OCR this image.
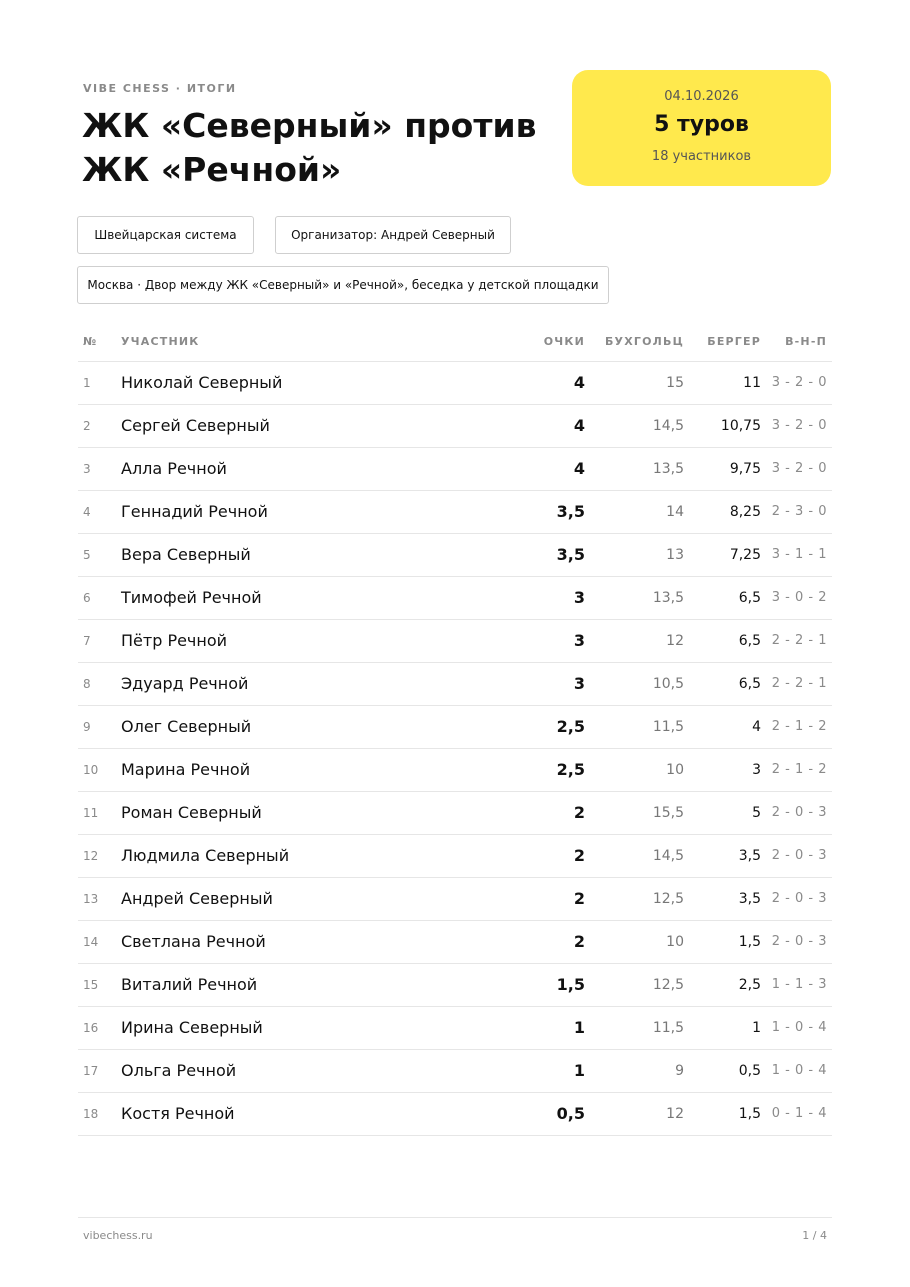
VIBE CHESS · ИТОГИ
ЖК «Северный» против ЖК «Речной»
04.10.2026
5 туров
18 участников
Швейцарская система	Организатор: Андрей Северный
Москва · Двор между ЖК «Северный» и «Речной», беседка у детской площадки
№	УЧАСТНИК	ОЧКИ	БУХГОЛЬЦ	БЕРГЕР	В-Н-П
1	Николай Северный	4	15	11	3 - 2 - 0
2	Сергей Северный	4	14,5	10,75	3 - 2 - 0
3	Алла Речной	4	13,5	9,75	3 - 2 - 0
4	Геннадий Речной	3,5	14	8,25	2 - 3 - 0
5	Вера Северный	3,5	13	7,25	3 - 1 - 1
6	Тимофей Речной	3	13,5	6,5	3 - 0 - 2
7	Пётр Речной	3	12	6,5	2 - 2 - 1
8	Эдуард Речной	3	10,5	6,5	2 - 2 - 1
9	Олег Северный	2,5	11,5	4	2 - 1 - 2
10	Марина Речной	2,5	10	3	2 - 1 - 2
11	Роман Северный	2	15,5	5	2 - 0 - 3
12	Людмила Северный	2	14,5	3,5	2 - 0 - 3
13	Андрей Северный	2	12,5	3,5	2 - 0 - 3
14	Светлана Речной	2	10	1,5	2 - 0 - 3
15	Виталий Речной	1,5	12,5	2,5	1 - 1 - 3
16	Ирина Северный	1	11,5	1	1 - 0 - 4
17	Ольга Речной	1	9	0,5	1 - 0 - 4
18	Костя Речной	0,5	12	1,5	0 - 1 - 4
vibechess.ru	1 / 4
